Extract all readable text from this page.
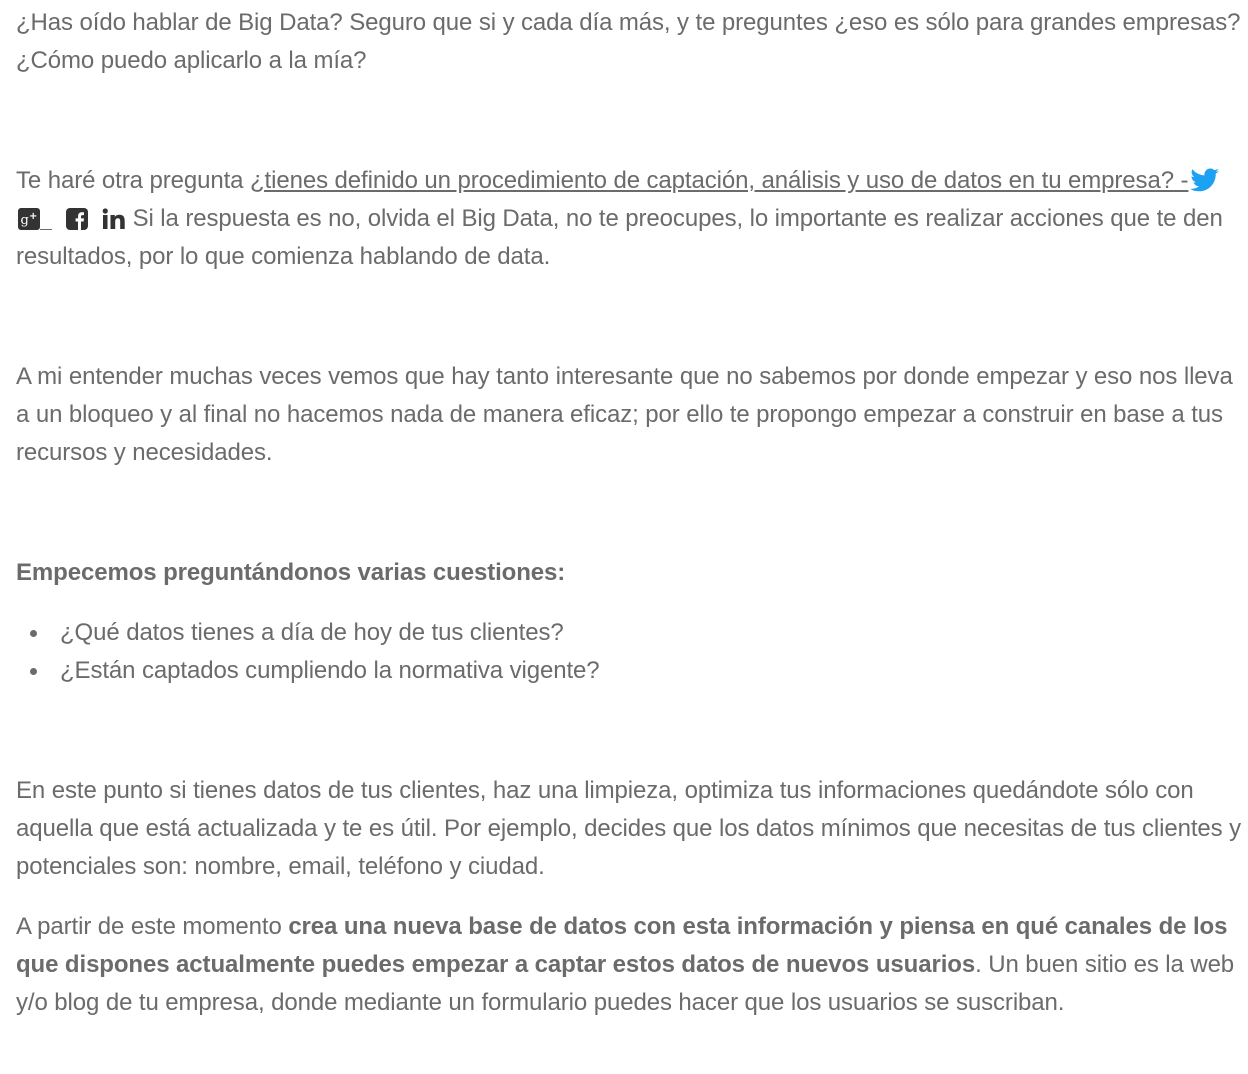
¿Has oído hablar de Big Data? Seguro que si y cada día más, y te preguntes ¿eso es sólo para grandes empresas?¿Cómo puedo aplicarlo a la mía?

Te haré otra pregunta ¿tienes definido un procedimiento de captación, análisis y uso de datos en tu empresa? -
g +	Si la respuesta es no, olvida el Big Data, no te preocupes, lo importante es realizar acciones que te den resultados, por lo que comienza hablando de data.

A mi entender muchas veces vemos que hay tanto interesante que no sabemos por donde empezar y eso nos lleva a un bloqueo y al final no hacemos nada de manera eficaz; por ello te propongo empezar a construir en base a tus recursos y necesidades.

Empecemos preguntándonos varias cuestiones:

¿Qué datos tienes a día de hoy de tus clientes?
¿Están captados cumpliendo la normativa vigente?

En este punto si tienes datos de tus clientes, haz una limpieza, optimiza tus informaciones quedándote sólo con aquella que está actualizada y te es útil. Por ejemplo, decides que los datos mínimos que necesitas de tus clientes y potenciales son: nombre, email, teléfono y ciudad.

A partir de este momento crea una nueva base de datos con esta información y piensa en qué canales de los que dispones actualmente puedes empezar a captar estos datos de nuevos usuarios. Un buen sitio es la web y/o blog de tu empresa, donde mediante un formulario puedes hacer que los usuarios se suscriban.
